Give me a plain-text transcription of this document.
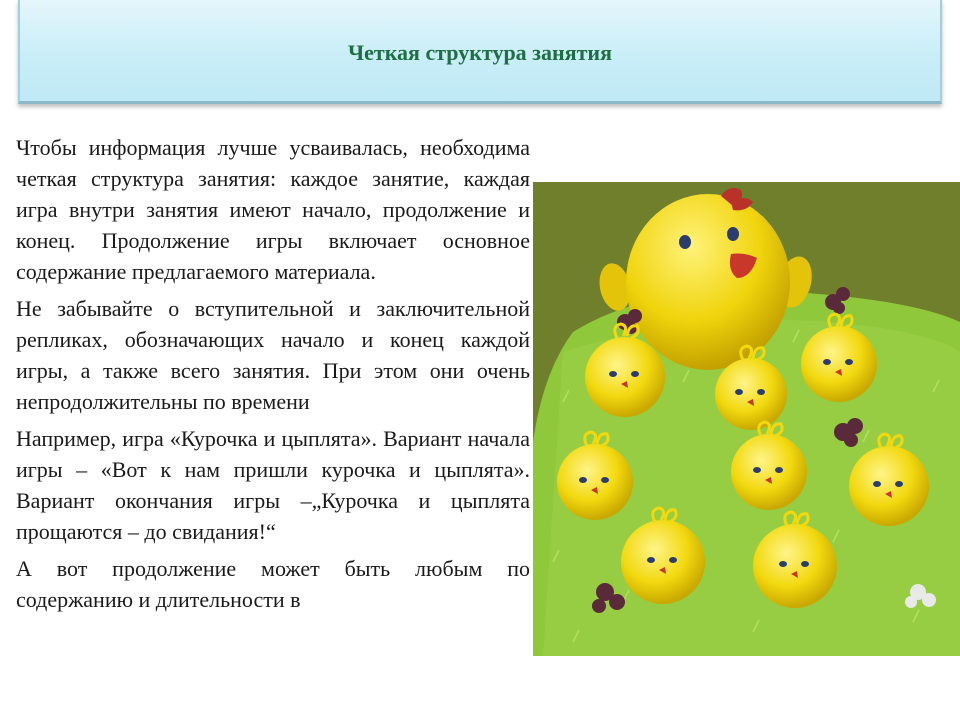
Четкая структура занятия

Чтобы информация лучше усваивалась, необходима четкая структура занятия: каждое занятие, каждая игра внутри занятия имеют начало, продолжение и конец. Продолжение игры включает основное содержание предлагаемого материала.

Не забывайте о вступительной и заключительной репликах, обозначающих начало и конец каждой игры, а также всего занятия. При этом они очень непродолжительны по времени

Например, игра «Курочка и цыплята». Вариант начала игры – «Вот к нам пришли курочка и цыплята». Вариант окончания игры –„Курочка и цыплята прощаются – до свидания!“

А вот продолжение может быть любым по содержанию и длительности в
